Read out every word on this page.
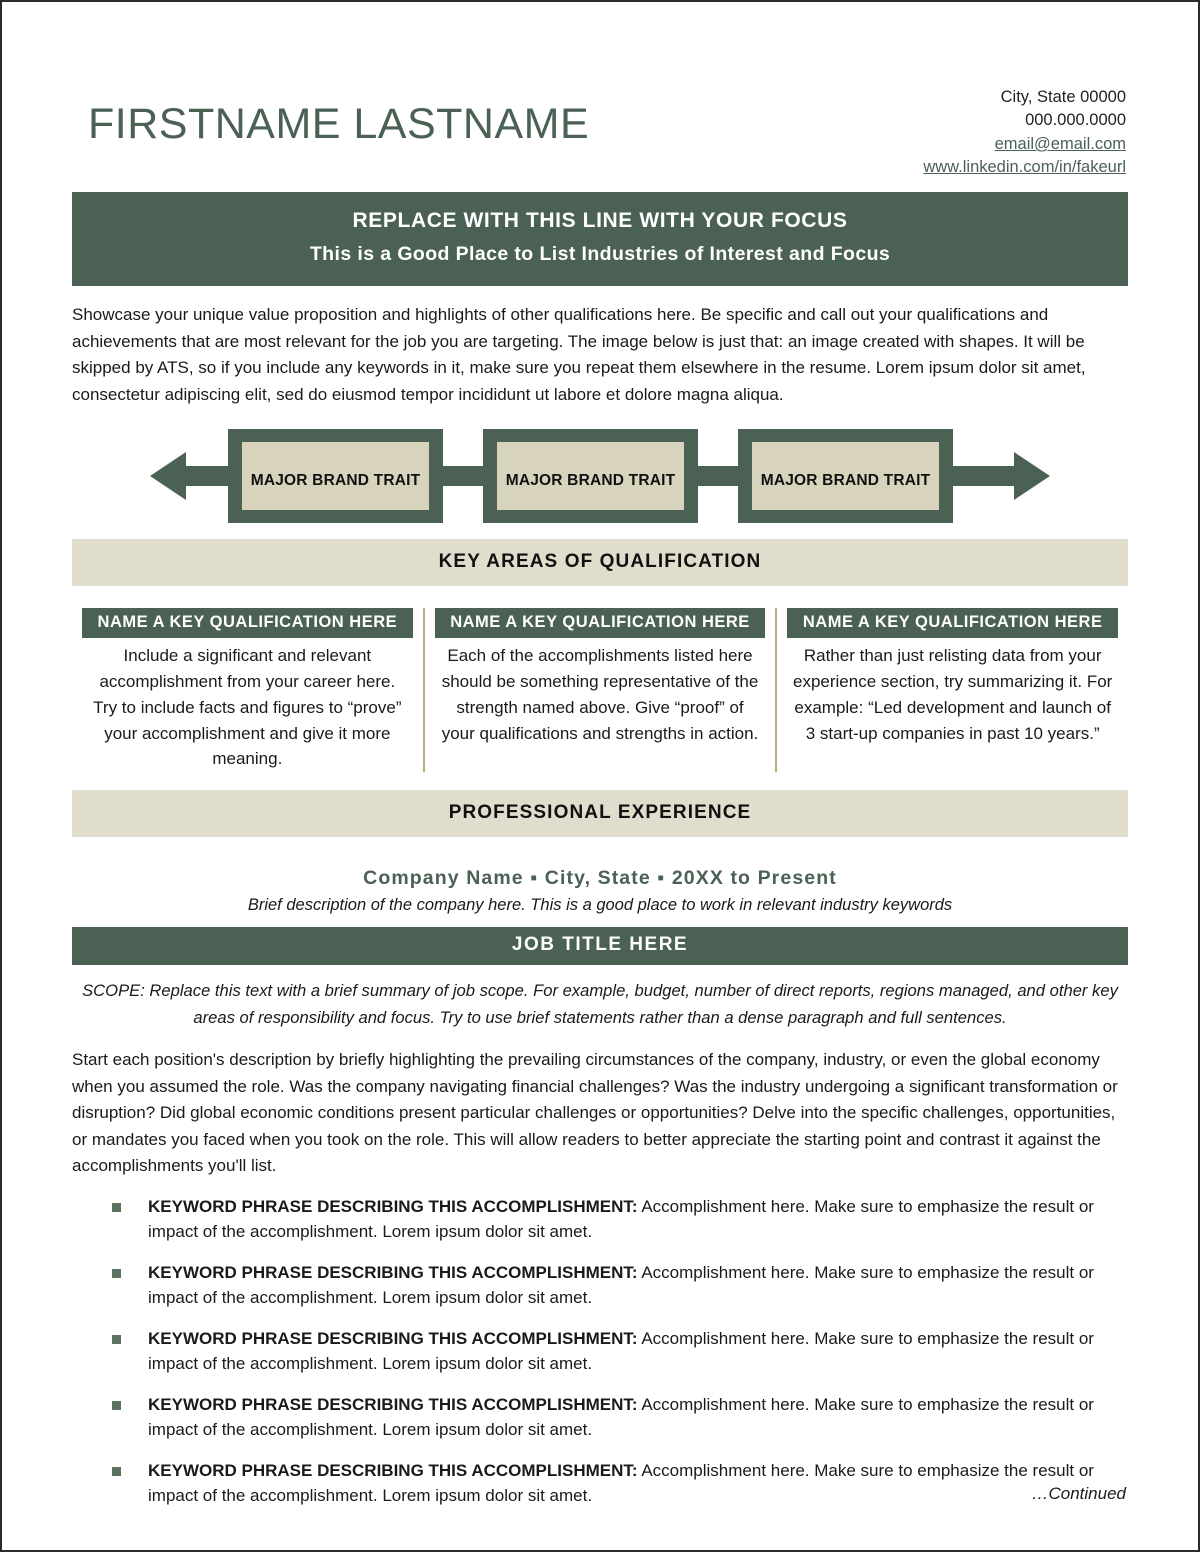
FIRSTNAME LASTNAME
City, State 00000
000.000.0000
email@email.com
www.linkedin.com/in/fakeurl
REPLACE WITH THIS LINE WITH YOUR FOCUS
This is a Good Place to List Industries of Interest and Focus
Showcase your unique value proposition and highlights of other qualifications here. Be specific and call out your qualifications and achievements that are most relevant for the job you are targeting. The image below is just that: an image created with shapes. It will be skipped by ATS, so if you include any keywords in it, make sure you repeat them elsewhere in the resume. Lorem ipsum dolor sit amet, consectetur adipiscing elit, sed do eiusmod tempor incididunt ut labore et dolore magna aliqua.
MAJOR BRAND TRAIT	MAJOR BRAND TRAIT	MAJOR BRAND TRAIT
KEY AREAS OF QUALIFICATION
NAME A KEY QUALIFICATION HERE
Include a significant and relevant accomplishment from your career here. Try to include facts and figures to “prove” your accomplishment and give it more meaning.
NAME A KEY QUALIFICATION HERE
Each of the accomplishments listed here should be something representative of the strength named above. Give “proof” of your qualifications and strengths in action.
NAME A KEY QUALIFICATION HERE
Rather than just relisting data from your experience section, try summarizing it. For example: “Led development and launch of 3 start-up companies in past 10 years.”
PROFESSIONAL EXPERIENCE
Company Name ▪ City, State ▪ 20XX to Present
Brief description of the company here. This is a good place to work in relevant industry keywords
JOB TITLE HERE
SCOPE: Replace this text with a brief summary of job scope. For example, budget, number of direct reports, regions managed, and other key areas of responsibility and focus. Try to use brief statements rather than a dense paragraph and full sentences.
Start each position's description by briefly highlighting the prevailing circumstances of the company, industry, or even the global economy when you assumed the role. Was the company navigating financial challenges? Was the industry undergoing a significant transformation or disruption? Did global economic conditions present particular challenges or opportunities? Delve into the specific challenges, opportunities, or mandates you faced when you took on the role. This will allow readers to better appreciate the starting point and contrast it against the accomplishments you'll list.
KEYWORD PHRASE DESCRIBING THIS ACCOMPLISHMENT: Accomplishment here. Make sure to emphasize the result or impact of the accomplishment. Lorem ipsum dolor sit amet.
KEYWORD PHRASE DESCRIBING THIS ACCOMPLISHMENT: Accomplishment here. Make sure to emphasize the result or impact of the accomplishment. Lorem ipsum dolor sit amet.
KEYWORD PHRASE DESCRIBING THIS ACCOMPLISHMENT: Accomplishment here. Make sure to emphasize the result or impact of the accomplishment. Lorem ipsum dolor sit amet.
KEYWORD PHRASE DESCRIBING THIS ACCOMPLISHMENT: Accomplishment here. Make sure to emphasize the result or impact of the accomplishment. Lorem ipsum dolor sit amet.
KEYWORD PHRASE DESCRIBING THIS ACCOMPLISHMENT: Accomplishment here. Make sure to emphasize the result or impact of the accomplishment. Lorem ipsum dolor sit amet.	…Continued
